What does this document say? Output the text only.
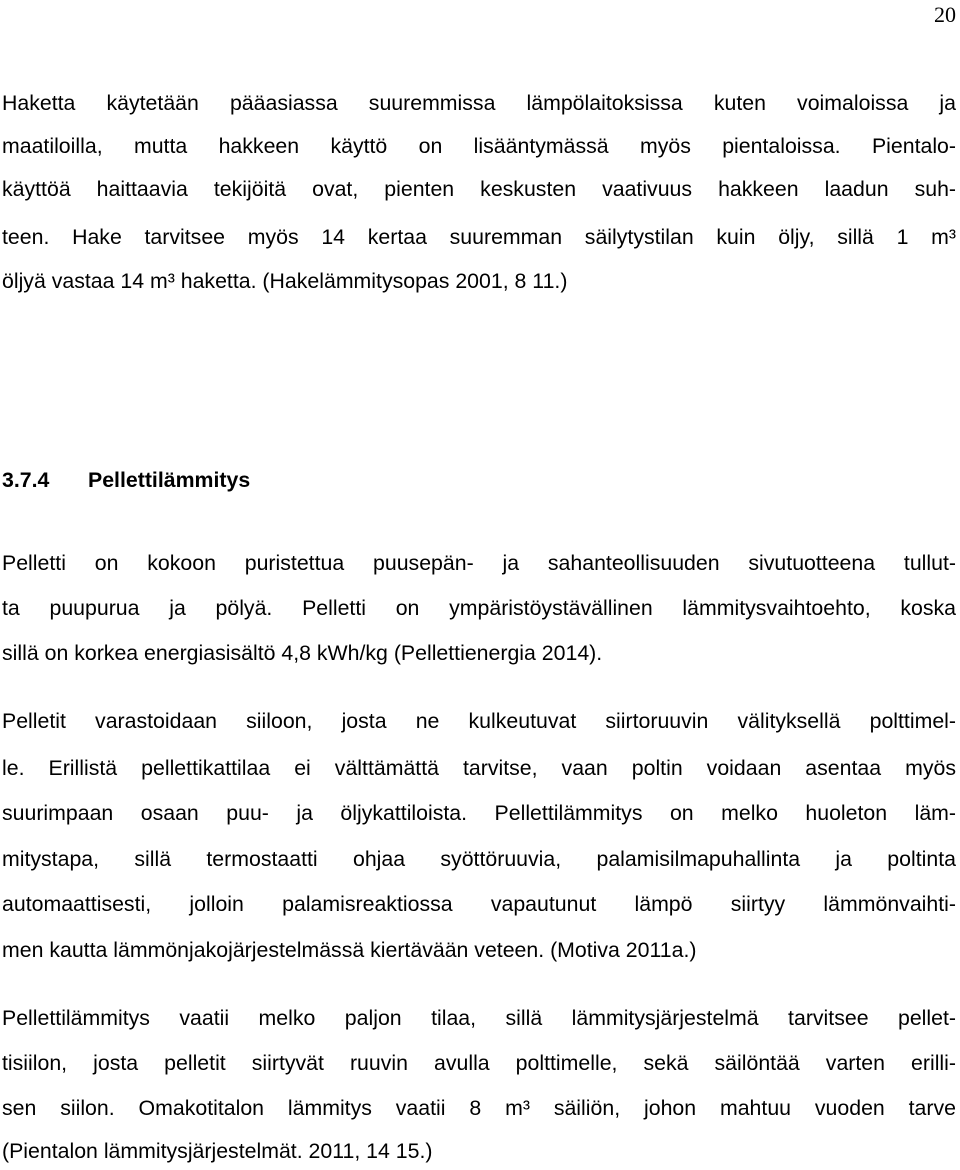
20
Haketta käytetään pääasiassa suuremmissa lämpölaitoksissa kuten voimaloissa ja
maatiloilla, mutta hakkeen käyttö on lisääntymässä myös pientaloissa. Pientalo-
käyttöä haittaavia tekijöitä ovat, pienten keskusten vaativuus hakkeen laadun suh-
teen. Hake tarvitsee myös 14 kertaa suuremman säilytystilan kuin öljy, sillä 1 m³
öljyä vastaa 14 m³ haketta. (Hakelämmitysopas 2001, 8 11.)
3.7.4 Pellettilämmitys
Pelletti on kokoon puristettua puusepän- ja sahanteollisuuden sivutuotteena tullut-
ta puupurua ja pölyä. Pelletti on ympäristöystävällinen lämmitysvaihtoehto, koska
sillä on korkea energiasisältö 4,8 kWh/kg (Pellettienergia 2014).
Pelletit varastoidaan siiloon, josta ne kulkeutuvat siirtoruuvin välityksellä polttimel-
le. Erillistä pellettikattilaa ei välttämättä tarvitse, vaan poltin voidaan asentaa myös
suurimpaan osaan puu- ja öljykattiloista. Pellettilämmitys on melko huoleton läm-
mitystapa, sillä termostaatti ohjaa syöttöruuvia, palamisilmapuhallinta ja poltinta
automaattisesti, jolloin palamisreaktiossa vapautunut lämpö siirtyy lämmönvaihti-
men kautta lämmönjakojärjestelmässä kiertävään veteen. (Motiva 2011a.)
Pellettilämmitys vaatii melko paljon tilaa, sillä lämmitysjärjestelmä tarvitsee pellet-
tisiilon, josta pelletit siirtyvät ruuvin avulla polttimelle, sekä säilöntää varten erilli-
sen siilon. Omakotitalon lämmitys vaatii 8 m³ säiliön, johon mahtuu vuoden tarve
(Pientalon lämmitysjärjestelmät. 2011, 14 15.)
